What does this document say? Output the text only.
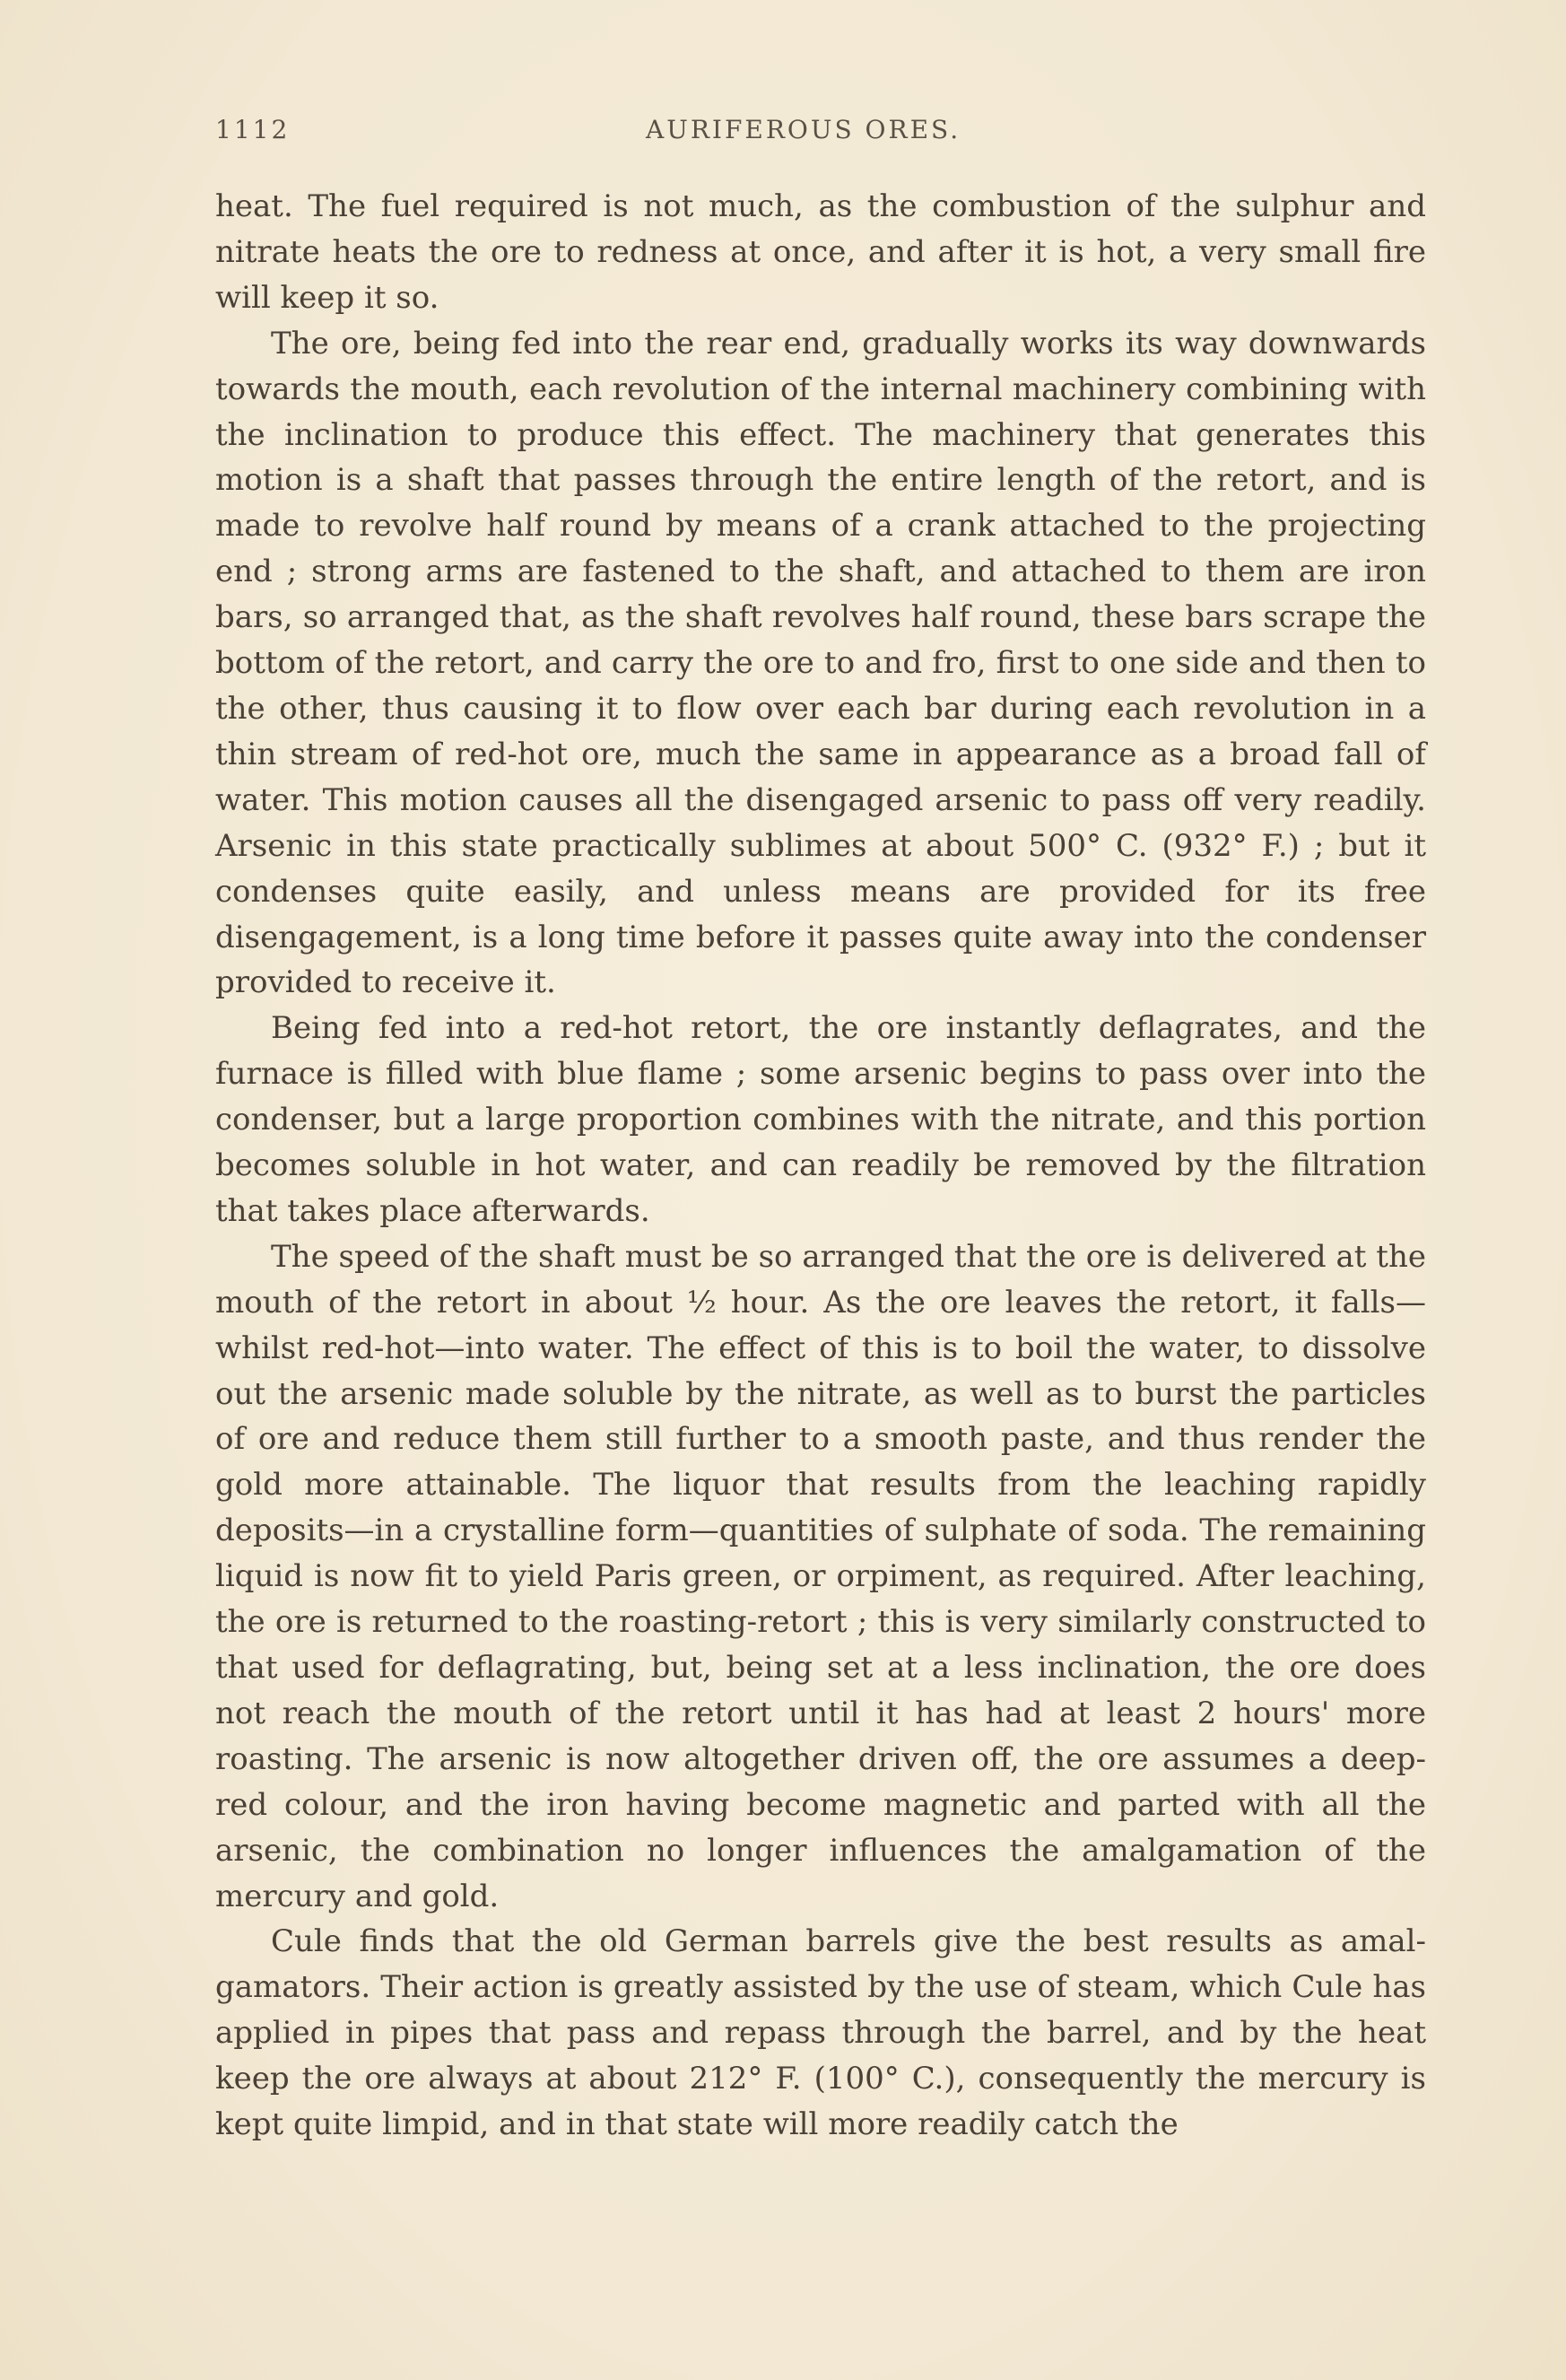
1112	AURIFEROUS ORES.

heat. The fuel required is not much, as the combustion of the sulphur and nitrate heats the ore to redness at once, and after it is hot, a very small fire will keep it so.

The ore, being fed into the rear end, gradually works its way downwards towards the mouth, each revolution of the internal machinery combining with the inclination to produce this effect. The machinery that generates this motion is a shaft that passes through the entire length of the retort, and is made to revolve half round by means of a crank attached to the projecting end ; strong arms are fastened to the shaft, and attached to them are iron bars, so arranged that, as the shaft revolves half round, these bars scrape the bottom of the retort, and carry the ore to and fro, first to one side and then to the other, thus causing it to flow over each bar during each revolution in a thin stream of red-hot ore, much the same in appearance as a broad fall of water. This motion causes all the disengaged arsenic to pass off very readily. Arsenic in this state practically sublimes at about 500° C. (932° F.) ; but it condenses quite easily, and unless means are provided for its free disengagement, is a long time before it passes quite away into the condenser provided to receive it.

Being fed into a red-hot retort, the ore instantly deflagrates, and the furnace is filled with blue flame ; some arsenic begins to pass over into the condenser, but a large proportion combines with the nitrate, and this portion becomes soluble in hot water, and can readily be removed by the filtration that takes place afterwards.

The speed of the shaft must be so arranged that the ore is delivered at the mouth of the retort in about ½ hour. As the ore leaves the retort, it falls—whilst red-hot—into water. The effect of this is to boil the water, to dissolve out the arsenic made soluble by the nitrate, as well as to burst the particles of ore and reduce them still further to a smooth paste, and thus render the gold more attainable. The liquor that results from the leaching rapidly deposits—in a crystalline form—quantities of sulphate of soda. The remaining liquid is now fit to yield Paris green, or orpiment, as required. After leaching, the ore is returned to the roasting-retort ; this is very similarly constructed to that used for deflagrating, but, being set at a less inclination, the ore does not reach the mouth of the retort until it has had at least 2 hours' more roasting. The arsenic is now altogether driven off, the ore assumes a deep-red colour, and the iron having become magnetic and parted with all the arsenic, the combination no longer influences the amalgamation of the mercury and gold.

Cule finds that the old German barrels give the best results as amalgamators. Their action is greatly assisted by the use of steam, which Cule has applied in pipes that pass and repass through the barrel, and by the heat keep the ore always at about 212° F. (100° C.), consequently the mercury is kept quite limpid, and in that state will more readily catch the
